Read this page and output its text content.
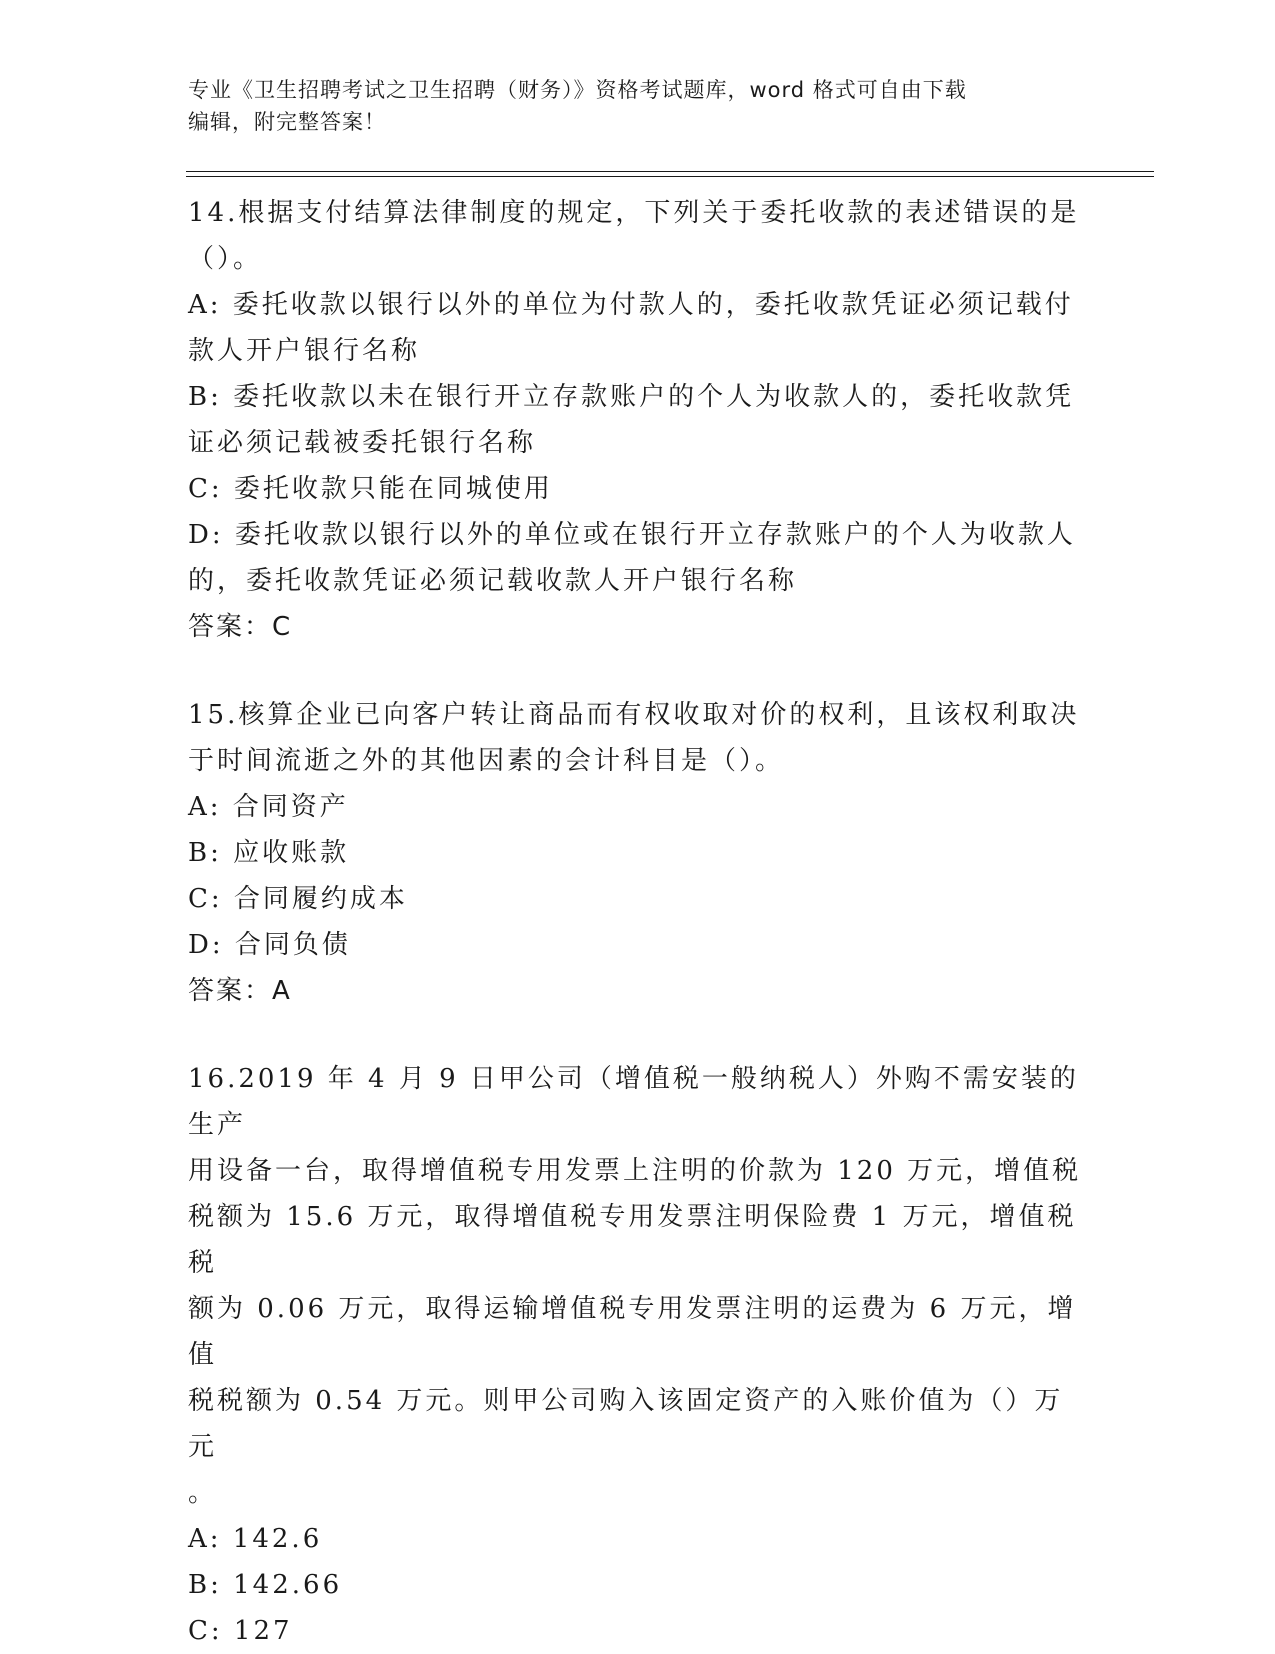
专业《卫生招聘考试之卫生招聘（财务）》资格考试题库，word 格式可自由下载
编辑，附完整答案！

14.根据支付结算法律制度的规定，下列关于委托收款的表述错误的是

（）。

A: 委托收款以银行以外的单位为付款人的，委托收款凭证必须记载付

款人开户银行名称

B: 委托收款以未在银行开立存款账户的个人为收款人的，委托收款凭

证必须记载被委托银行名称

C: 委托收款只能在同城使用

D: 委托收款以银行以外的单位或在银行开立存款账户的个人为收款人

的，委托收款凭证必须记载收款人开户银行名称

答案：C

15.核算企业已向客户转让商品而有权收取对价的权利，且该权利取决

于时间流逝之外的其他因素的会计科目是（）。

A: 合同资产

B: 应收账款

C: 合同履约成本

D: 合同负债

答案：A

16.2019 年 4 月 9 日甲公司（增值税一般纳税人）外购不需安装的生产

用设备一台，取得增值税专用发票上注明的价款为 120 万元，增值税

税额为 15.6 万元，取得增值税专用发票注明保险费 1 万元，增值税税

额为 0.06 万元，取得运输增值税专用发票注明的运费为 6 万元，增值

税税额为 0.54 万元。则甲公司购入该固定资产的入账价值为（）万元

。

A: 142.6

B: 142.66

C: 127
